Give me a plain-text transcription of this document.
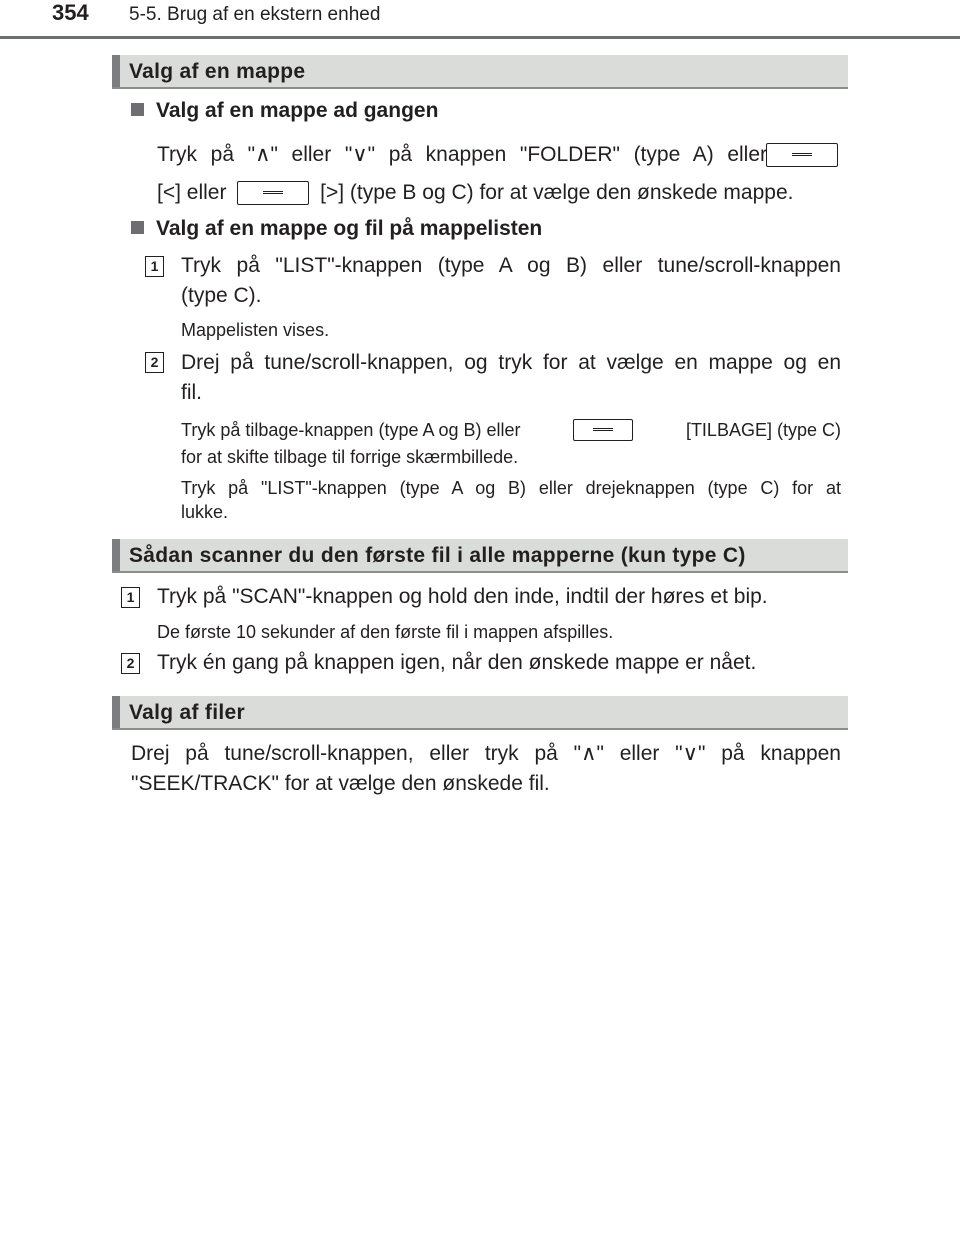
354 5-5. Brug af en ekstern enhed
Valg af en mappe
Valg af en mappe ad gangen
Tryk på "∧" eller "∨" på knappen "FOLDER" (type A) eller
[<] eller	[>] (type B og C) for at vælge den ønskede mappe.
Valg af en mappe og fil på mappelisten
1 Tryk på "LIST"-knappen (type A og B) eller tune/scroll-knappen
(type C).
Mappelisten vises.
2 Drej på tune/scroll-knappen, og tryk for at vælge en mappe og en
fil.
Tryk på tilbage-knappen (type A og B) eller	[TILBAGE] (type C)
for at skifte tilbage til forrige skærmbillede.
Tryk på "LIST"-knappen (type A og B) eller drejeknappen (type C) for at
lukke.
Sådan scanner du den første fil i alle mapperne (kun type C)
1 Tryk på "SCAN"-knappen og hold den inde, indtil der høres et bip.
De første 10 sekunder af den første fil i mappen afspilles.
2 Tryk én gang på knappen igen, når den ønskede mappe er nået.
Valg af filer
Drej på tune/scroll-knappen, eller tryk på "∧" eller "∨" på knappen
"SEEK/TRACK" for at vælge den ønskede fil.
